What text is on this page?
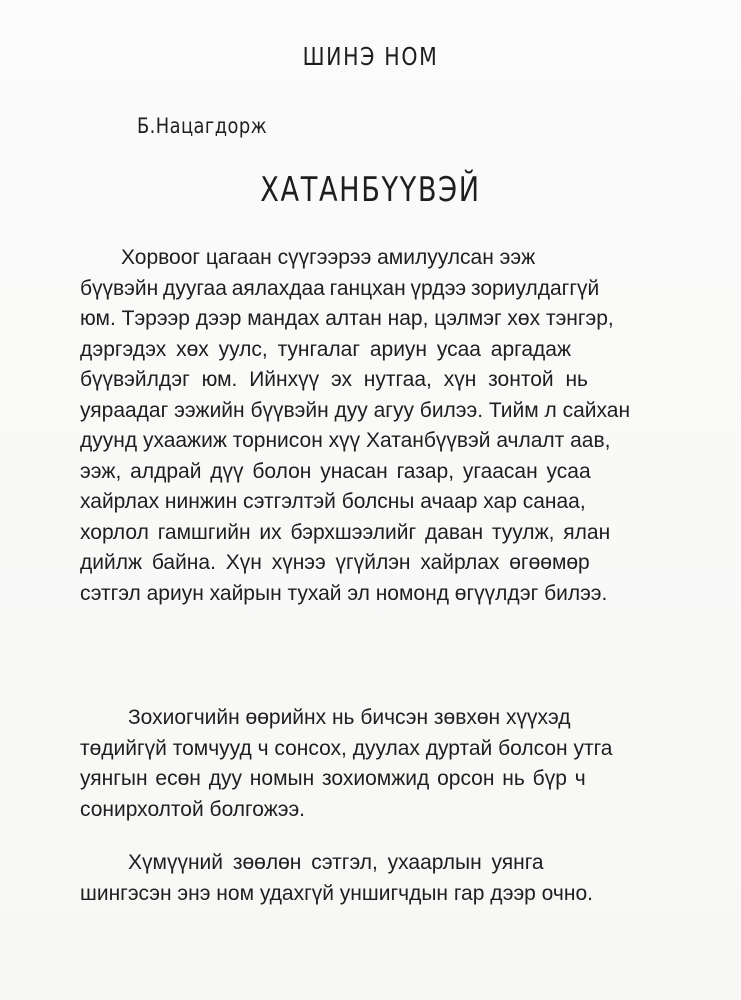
ШИНЭ НОМ
Б.Нацагдорж
ХАТАНБҮҮВЭЙ
Хорвоог цагаан сүүгээрээ амилуулсан ээж
бүүвэйн дуугаа аялахдаа ганцхан үрдээ зориулдаггүй
юм. Тэрээр дээр мандах алтан нар, цэлмэг хөх тэнгэр,
дэргэдэх хөх уулс, тунгалаг ариун усаа аргадаж
бүүвэйлдэг юм. Ийнхүү эх нутгаа, хүн зонтой нь
уяраадаг ээжийн бүүвэйн дуу агуу билээ. Тийм л сайхан
дуунд ухаажиж торнисон хүү Хатанбүүвэй ачлалт аав,
ээж, алдрай дүү болон унасан газар, угаасан усаа
хайрлах нинжин сэтгэлтэй болсны ачаар хар санаа,
хорлол гамшгийн их бэрхшээлийг даван туулж, ялан
дийлж байна. Хүн хүнээ үгүйлэн хайрлах өгөөмөр
сэтгэл ариун хайрын тухай эл номонд өгүүлдэг билээ.
Зохиогчийн өөрийнх нь бичсэн зөвхөн хүүхэд
төдийгүй томчууд ч сонсох, дуулах дуртай болсон утга
уянгын есөн дуу номын зохиомжид орсон нь бүр ч
сонирхолтой болгожээ.
Хүмүүний зөөлөн сэтгэл, ухаарлын уянга
шингэсэн энэ ном удахгүй уншигчдын гар дээр очно.
